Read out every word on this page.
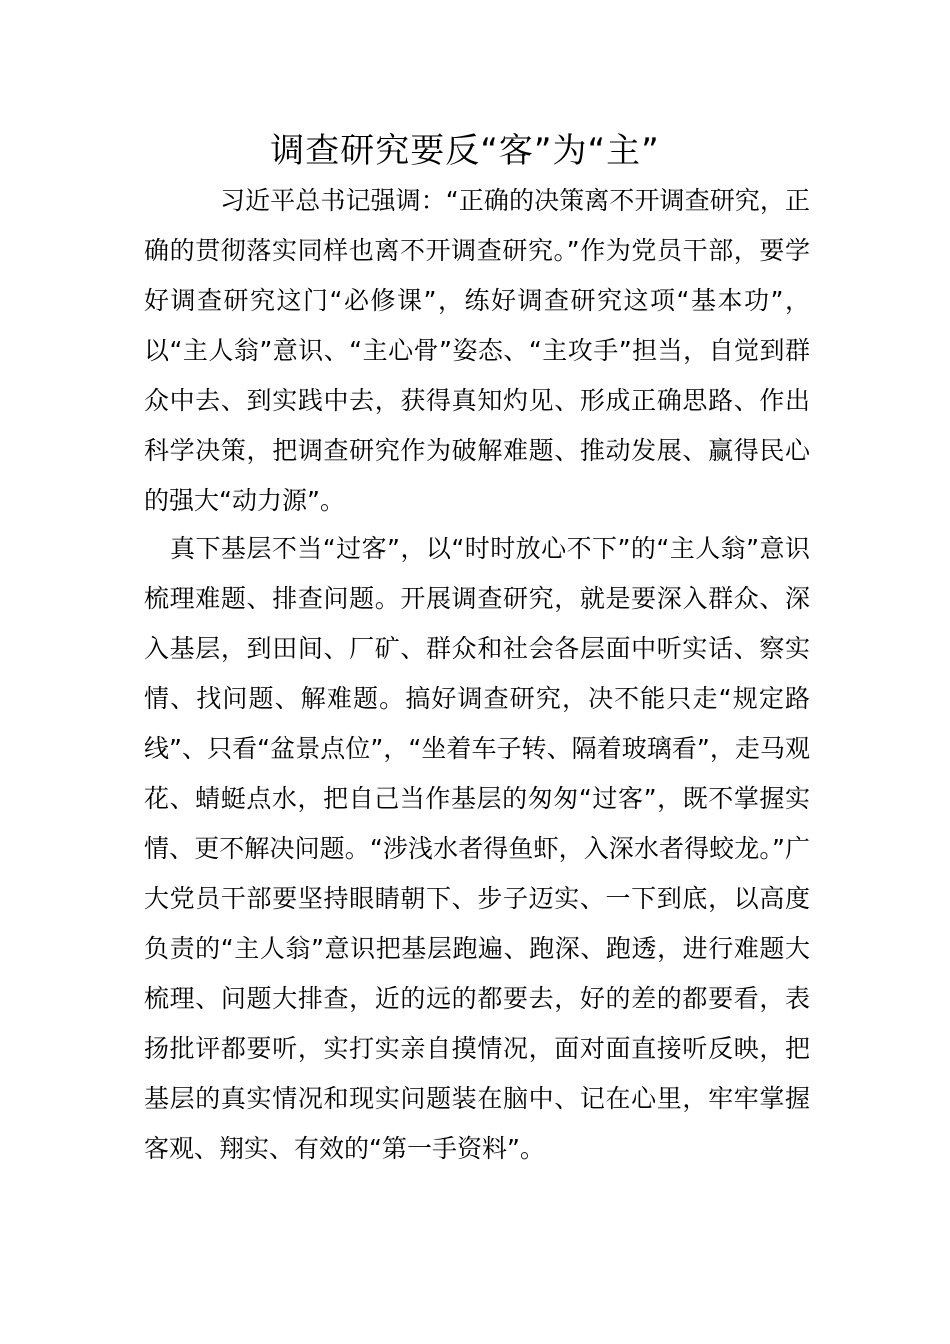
调查研究要反“客”为“主”

习近平总书记强调：“正确的决策离不开调查研究，正确的贯彻落实同样也离不开调查研究。”作为党员干部，要学好调查研究这门“必修课”，练好调查研究这项“基本功”，以“主人翁”意识、“主心骨”姿态、“主攻手”担当，自觉到群众中去、到实践中去，获得真知灼见、形成正确思路、作出科学决策，把调查研究作为破解难题、推动发展、赢得民心的强大“动力源”。

真下基层不当“过客”，以“时时放心不下”的“主人翁”意识梳理难题、排查问题。开展调查研究，就是要深入群众、深入基层，到田间、厂矿、群众和社会各层面中听实话、察实情、找问题、解难题。搞好调查研究，决不能只走“规定路线”、只看“盆景点位”，“坐着车子转、隔着玻璃看”，走马观花、蜻蜓点水，把自己当作基层的匆匆“过客”，既不掌握实情、更不解决问题。“涉浅水者得鱼虾，入深水者得蛟龙。”广大党员干部要坚持眼睛朝下、步子迈实、一下到底，以高度负责的“主人翁”意识把基层跑遍、跑深、跑透，进行难题大梳理、问题大排查，近的远的都要去，好的差的都要看，表扬批评都要听，实打实亲自摸情况，面对面直接听反映，把基层的真实情况和现实问题装在脑中、记在心里，牢牢掌握客观、翔实、有效的“第一手资料”。
